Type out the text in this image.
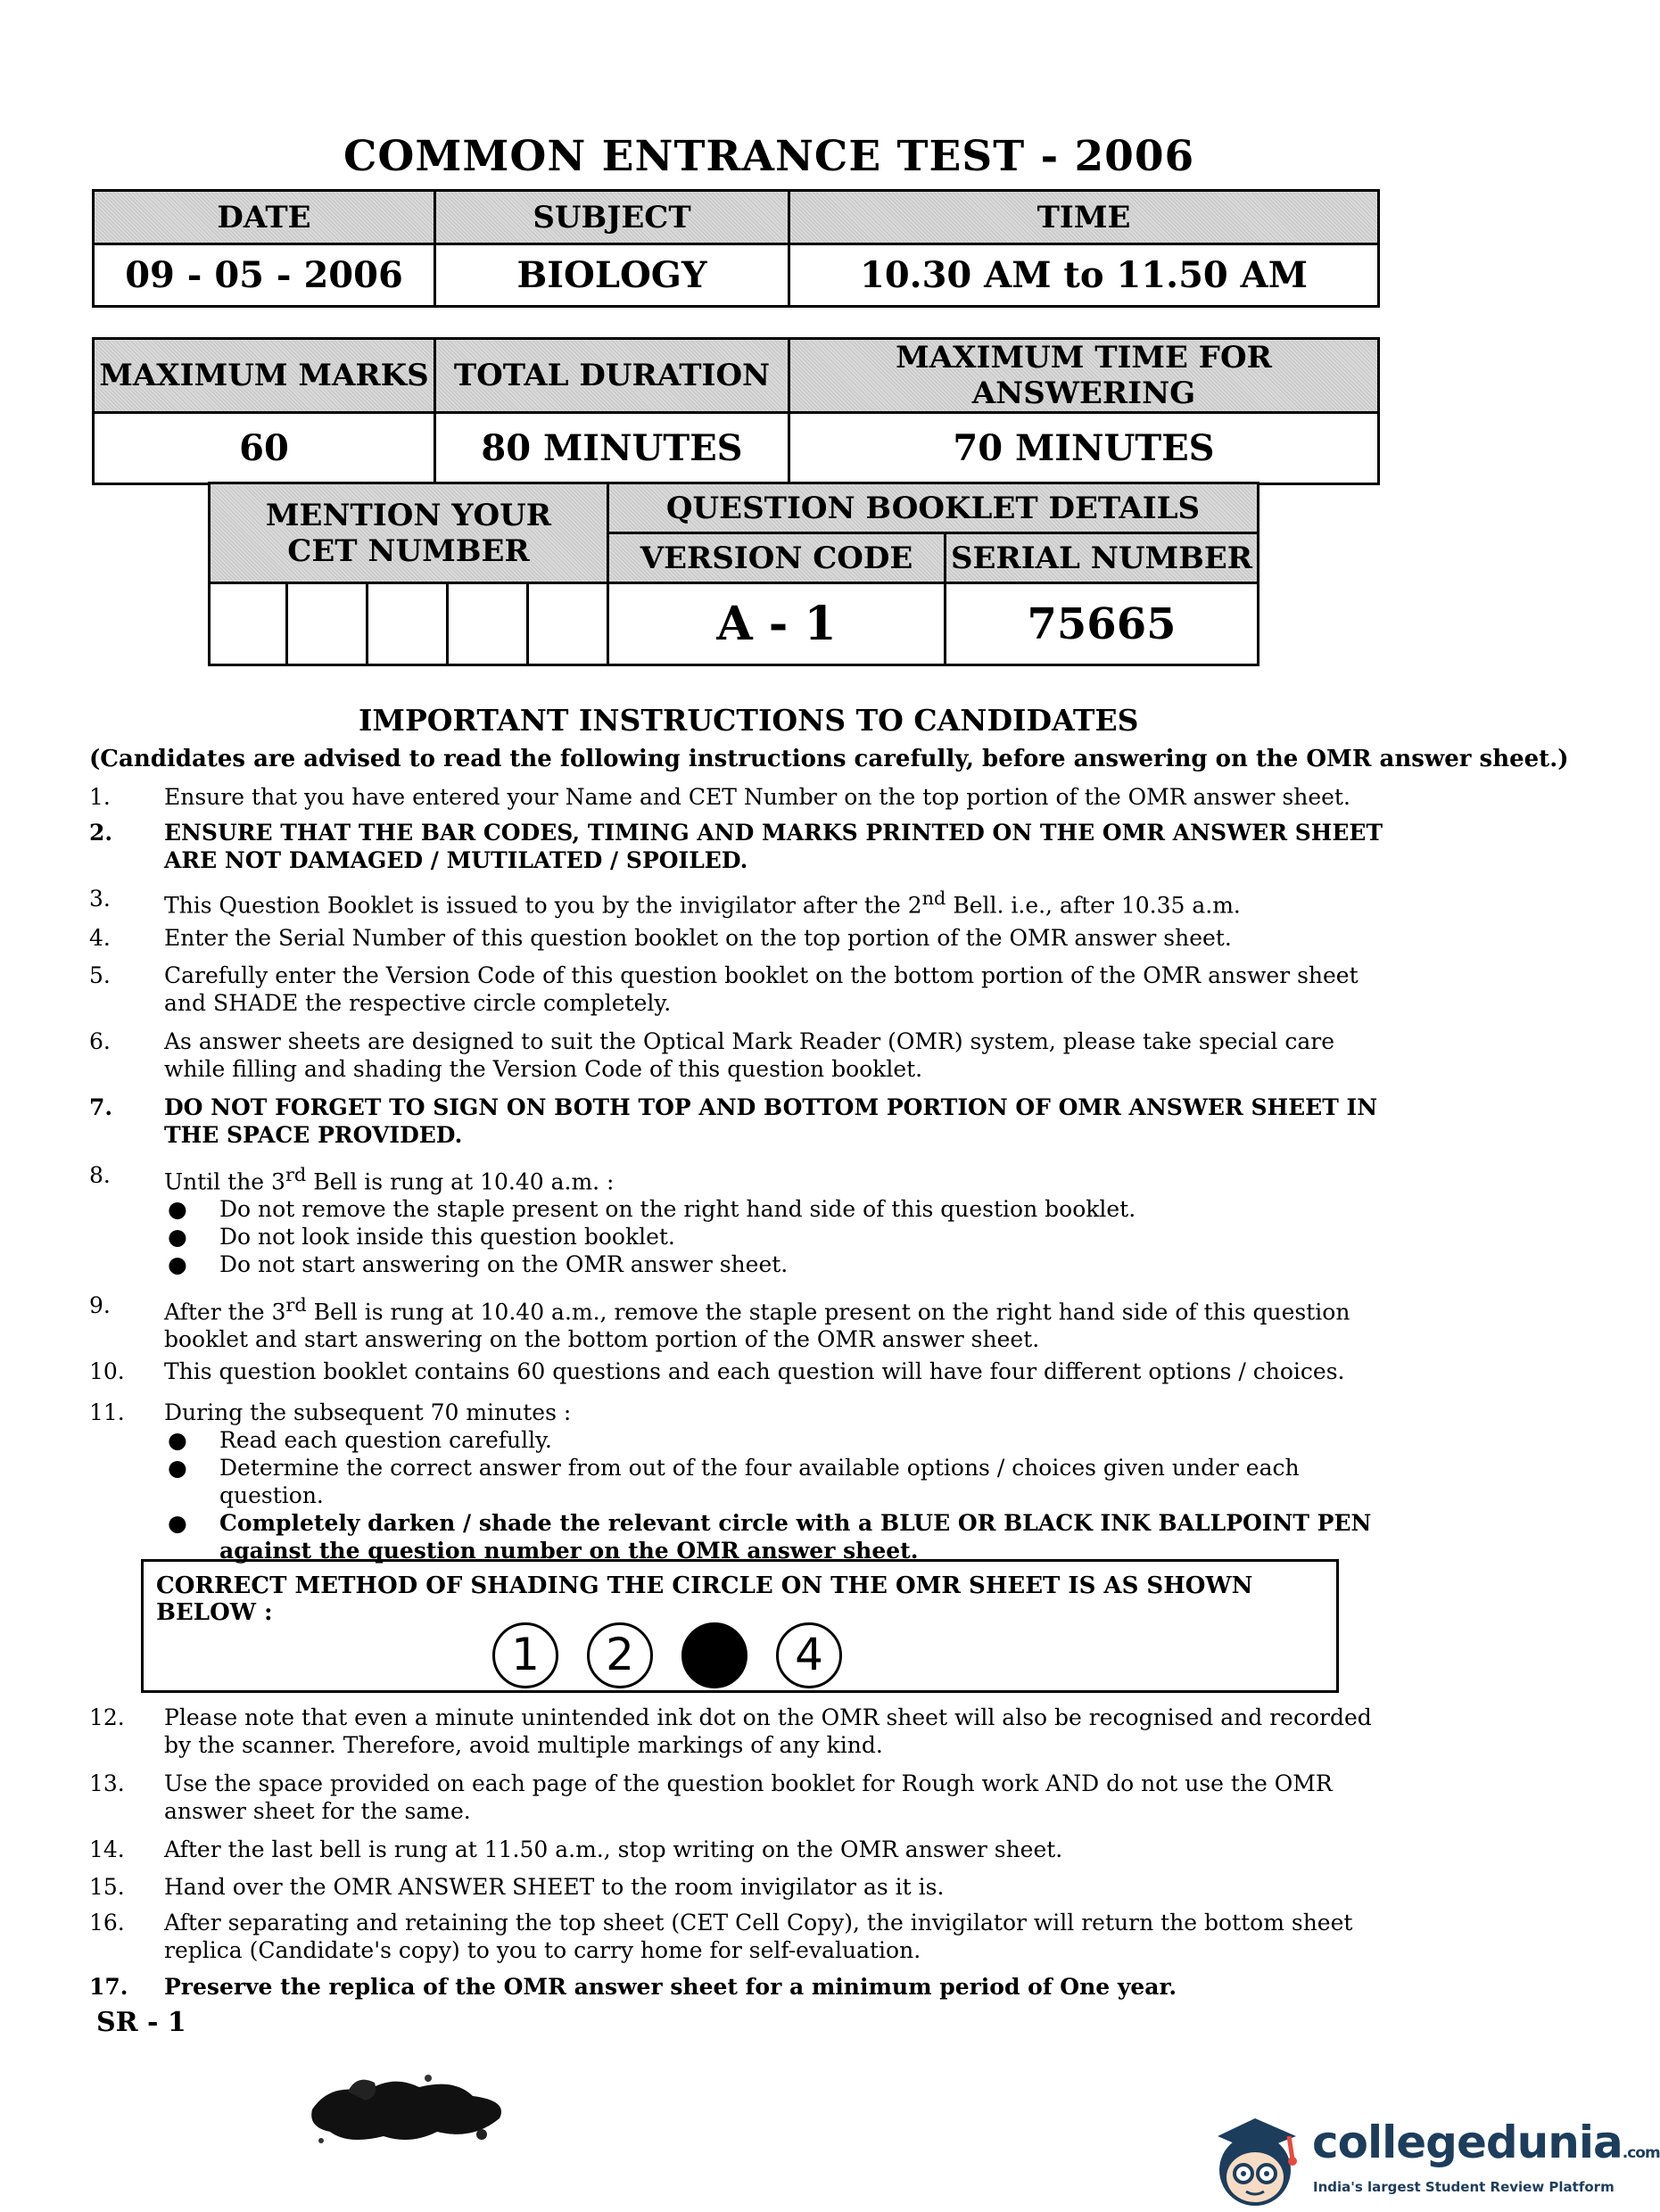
COMMON ENTRANCE TEST - 2006
DATE	SUBJECT	TIME
09 - 05 - 2006	BIOLOGY	10.30 AM to 11.50 AM
MAXIMUM MARKS	TOTAL DURATION	MAXIMUM TIME FOR ANSWERING
60	80 MINUTES	70 MINUTES
MENTION YOUR CET NUMBER					QUESTION BOOKLET DETAILS	
					VERSION CODE	SERIAL NUMBER
					A - 1	75665
IMPORTANT INSTRUCTIONS TO CANDIDATES
(Candidates are advised to read the following instructions carefully, before answering on the OMR answer sheet.)
1.	Ensure that you have entered your Name and CET Number on the top portion of the OMR answer sheet.
2.	ENSURE THAT THE BAR CODES, TIMING AND MARKS PRINTED ON THE OMR ANSWER SHEET ARE NOT DAMAGED / MUTILATED / SPOILED.
3.	This Question Booklet is issued to you by the invigilator after the 2nd Bell. i.e., after 10.35 a.m.
4.	Enter the Serial Number of this question booklet on the top portion of the OMR answer sheet.
5.	Carefully enter the Version Code of this question booklet on the bottom portion of the OMR answer sheet and SHADE the respective circle completely.
6.	As answer sheets are designed to suit the Optical Mark Reader (OMR) system, please take special care while filling and shading the Version Code of this question booklet.
7.	DO NOT FORGET TO SIGN ON BOTH TOP AND BOTTOM PORTION OF OMR ANSWER SHEET IN THE SPACE PROVIDED.
8.	Until the 3rd Bell is rung at 10.40 a.m. :
● Do not remove the staple present on the right hand side of this question booklet.
● Do not look inside this question booklet.
● Do not start answering on the OMR answer sheet.
9.	After the 3rd Bell is rung at 10.40 a.m., remove the staple present on the right hand side of this question booklet and start answering on the bottom portion of the OMR answer sheet.
10.	This question booklet contains 60 questions and each question will have four different options / choices.
11.	During the subsequent 70 minutes :
● Read each question carefully.
● Determine the correct answer from out of the four available options / choices given under each question.
● Completely darken / shade the relevant circle with a BLUE OR BLACK INK BALLPOINT PEN against the question number on the OMR answer sheet.
CORRECT METHOD OF SHADING THE CIRCLE ON THE OMR SHEET IS AS SHOWN BELOW :
1	2	4
12.	Please note that even a minute unintended ink dot on the OMR sheet will also be recognised and recorded by the scanner. Therefore, avoid multiple markings of any kind.
13.	Use the space provided on each page of the question booklet for Rough work AND do not use the OMR answer sheet for the same.
14.	After the last bell is rung at 11.50 a.m., stop writing on the OMR answer sheet.
15.	Hand over the OMR ANSWER SHEET to the room invigilator as it is.
16.	After separating and retaining the top sheet (CET Cell Copy), the invigilator will return the bottom sheet replica (Candidate's copy) to you to carry home for self-evaluation.
17.	Preserve the replica of the OMR answer sheet for a minimum period of One year.
SR - 1
collegedunia.com
India's largest Student Review Platform
